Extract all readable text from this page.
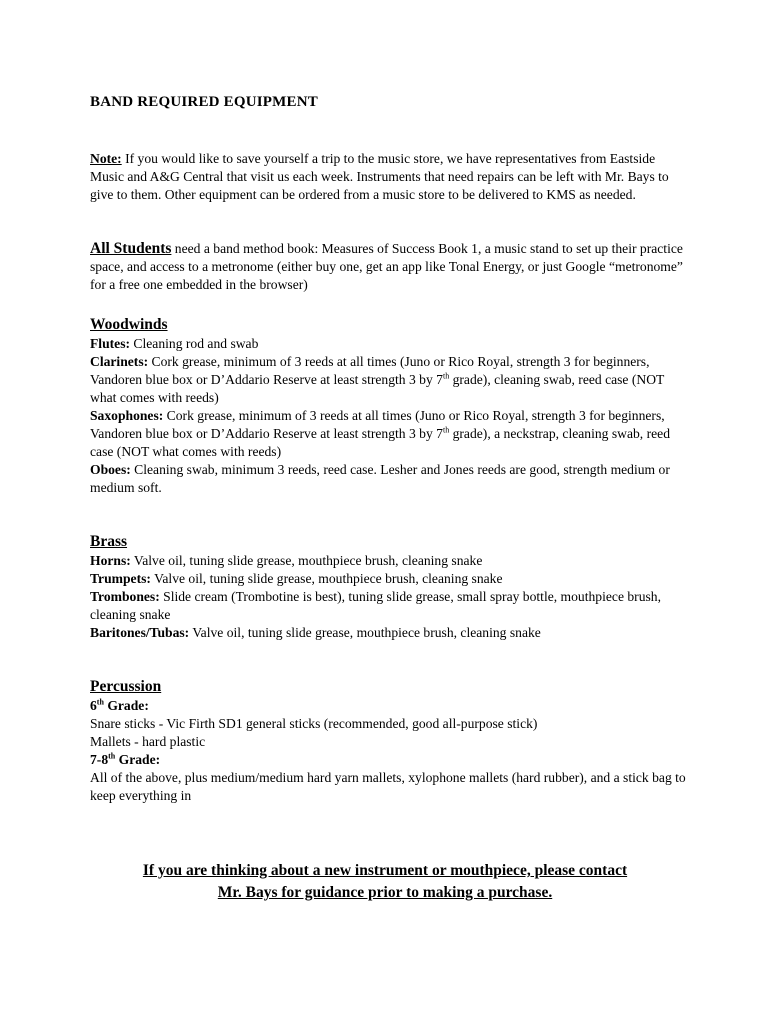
BAND REQUIRED EQUIPMENT
Note: If you would like to save yourself a trip to the music store, we have representatives from Eastside Music and A&G Central that visit us each week. Instruments that need repairs can be left with Mr. Bays to give to them. Other equipment can be ordered from a music store to be delivered to KMS as needed.
All Students need a band method book: Measures of Success Book 1, a music stand to set up their practice space, and access to a metronome (either buy one, get an app like Tonal Energy, or just Google “metronome” for a free one embedded in the browser)
Woodwinds
Flutes: Cleaning rod and swab
Clarinets: Cork grease, minimum of 3 reeds at all times (Juno or Rico Royal, strength 3 for beginners, Vandoren blue box or D’Addario Reserve at least strength 3 by 7th grade), cleaning swab, reed case (NOT what comes with reeds)
Saxophones: Cork grease, minimum of 3 reeds at all times (Juno or Rico Royal, strength 3 for beginners, Vandoren blue box or D’Addario Reserve at least strength 3 by 7th grade), a neckstrap, cleaning swab, reed case (NOT what comes with reeds)
Oboes: Cleaning swab, minimum 3 reeds, reed case. Lesher and Jones reeds are good, strength medium or medium soft.
Brass
Horns: Valve oil, tuning slide grease, mouthpiece brush, cleaning snake
Trumpets: Valve oil, tuning slide grease, mouthpiece brush, cleaning snake
Trombones: Slide cream (Trombotine is best), tuning slide grease, small spray bottle, mouthpiece brush, cleaning snake
Baritones/Tubas: Valve oil, tuning slide grease, mouthpiece brush, cleaning snake
Percussion
6th Grade:
Snare sticks - Vic Firth SD1 general sticks (recommended, good all-purpose stick)
Mallets - hard plastic
7-8th Grade:
All of the above, plus medium/medium hard yarn mallets, xylophone mallets (hard rubber), and a stick bag to keep everything in
If you are thinking about a new instrument or mouthpiece, please contact
Mr. Bays for guidance prior to making a purchase.
